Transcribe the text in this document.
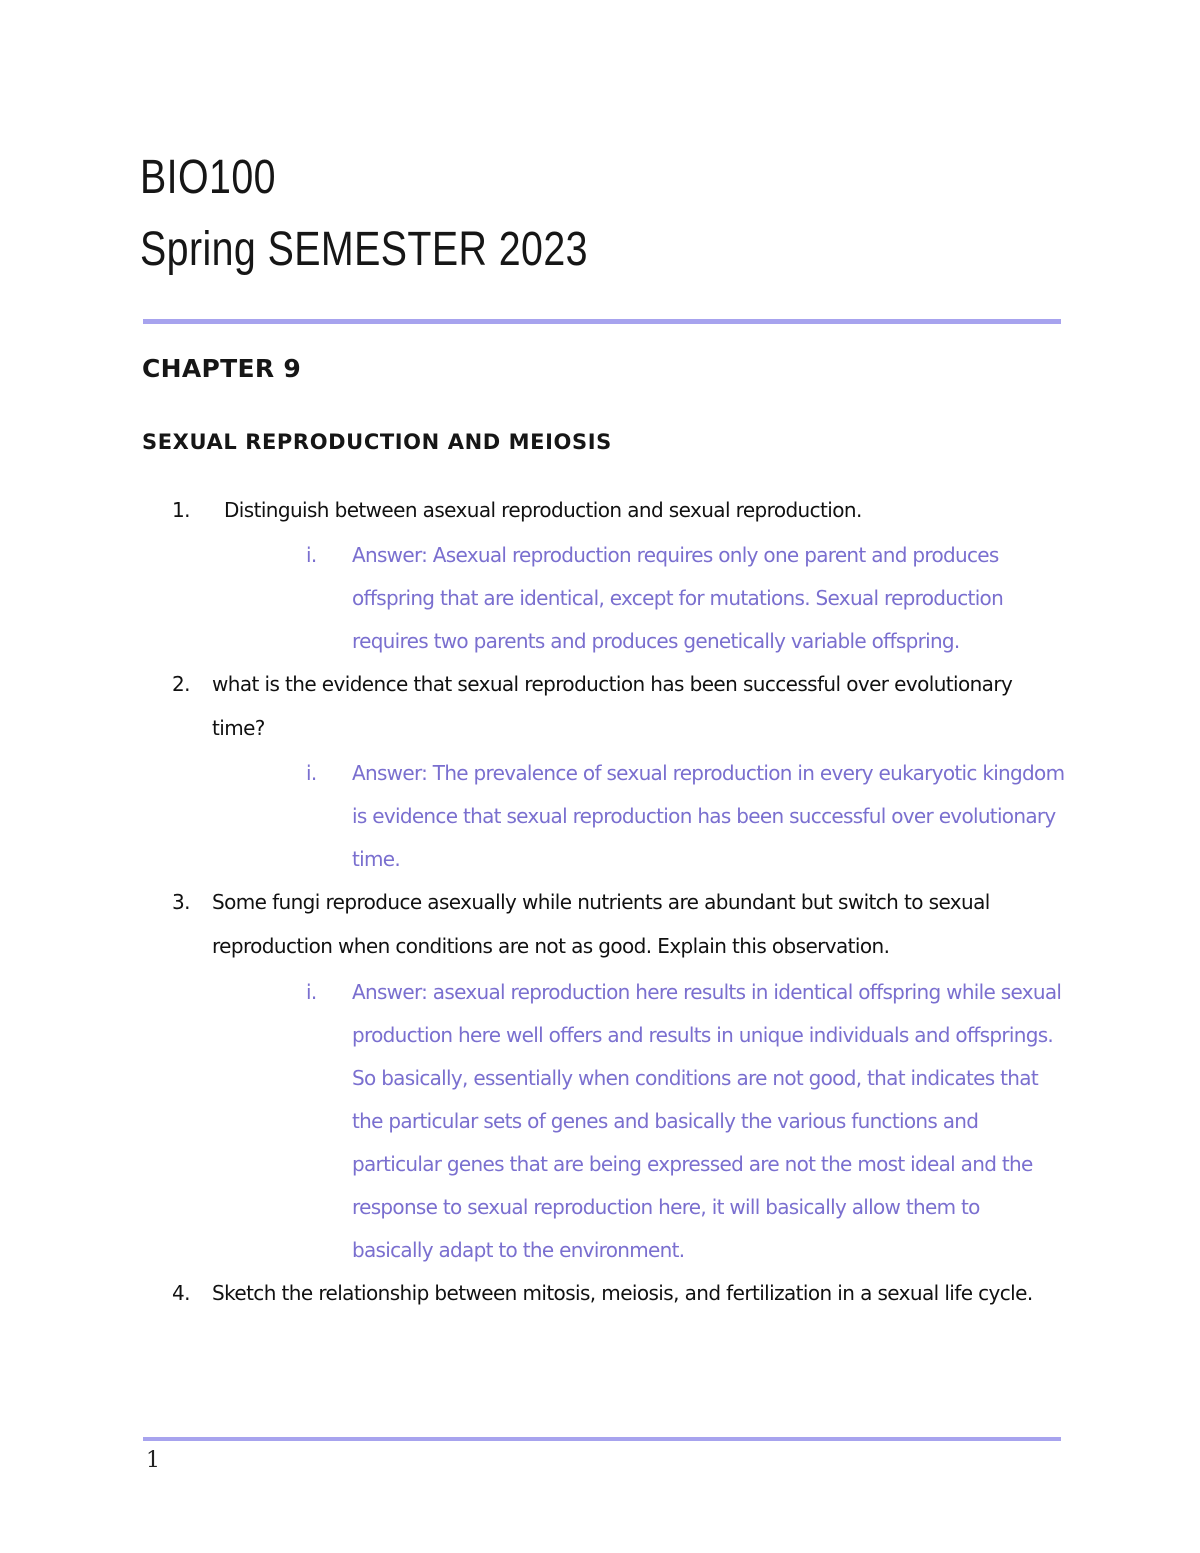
BIO100
Spring SEMESTER 2023
CHAPTER 9
SEXUAL REPRODUCTION AND MEIOSIS
1.	Distinguish between asexual reproduction and sexual reproduction.
i.	Answer: Asexual reproduction requires only one parent and produces offspring that are identical, except for mutations. Sexual reproduction requires two parents and produces genetically variable offspring.
2.	what is the evidence that sexual reproduction has been successful over evolutionary time?
i.	Answer: The prevalence of sexual reproduction in every eukaryotic kingdom is evidence that sexual reproduction has been successful over evolutionary time.
3.	Some fungi reproduce asexually while nutrients are abundant but switch to sexual reproduction when conditions are not as good. Explain this observation.
i.	Answer: asexual reproduction here results in identical offspring while sexual production here well offers and results in unique individuals and offsprings. So basically, essentially when conditions are not good, that indicates that the particular sets of genes and basically the various functions and particular genes that are being expressed are not the most ideal and the response to sexual reproduction here, it will basically allow them to basically adapt to the environment.
4.	Sketch the relationship between mitosis, meiosis, and fertilization in a sexual life cycle.
1
